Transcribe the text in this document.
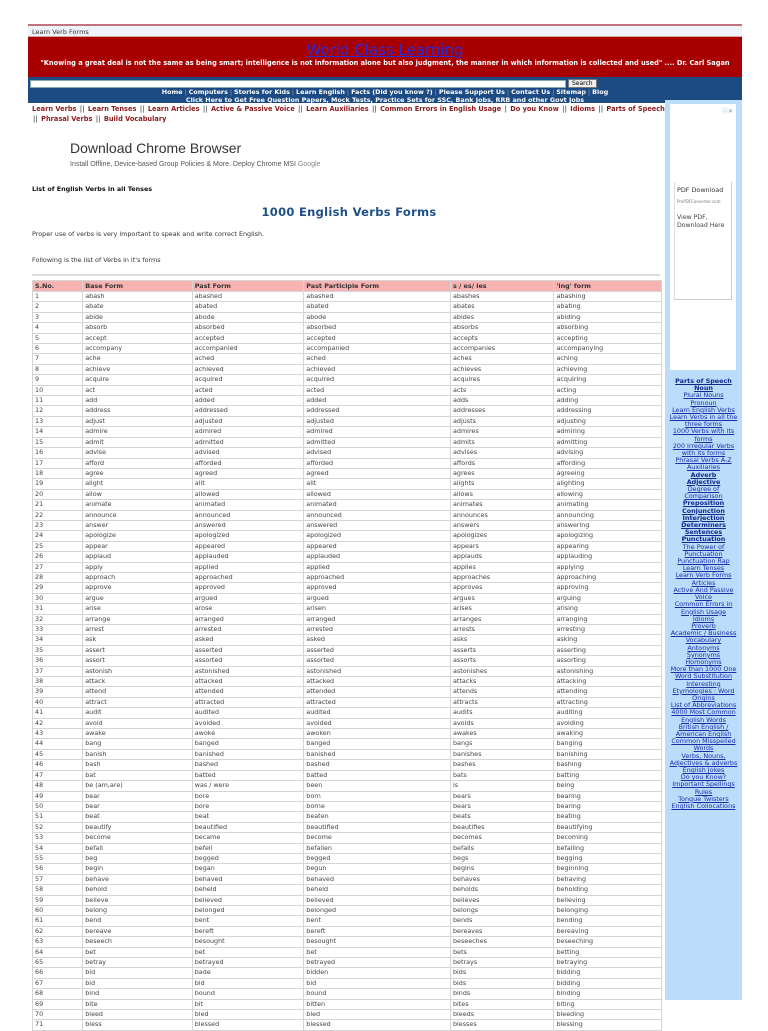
Learn Verb Forms
World Class Learning
"Knowing a great deal is not the same as being smart; intelligence is not information alone but also judgment, the manner in which information is collected and used" .... Dr. Carl Sagan
Search
Home | Computers | Stories for Kids | Learn English | Facts (Did you know ?) | Please Support Us | Contact Us | Sitemap | Blog
Click Here to Get Free Question Papers, Mock Tests, Practice Sets for SSC, Bank Jobs, RRB and other Govt Jobs
Learn Verbs || Learn Tenses || Learn Articles || Active & Passive Voice || Learn Auxiliaries || Common Errors in English Usage | Do you Know || Idioms || Parts of Speech || Phrasal Verbs || Build Vocabulary
Download Chrome Browser
Install Offline, Device-based Group Policies & More. Deploy Chrome MSI Google
List of English Verbs in all Tenses
1000 English Verbs Forms
Proper use of verbs is very important to speak and write correct English.
Following is the list of Verbs in it's forms
S.No.	Base Form	Past Form	Past Participle Form	s / es/ ies	'ing' form
1	abash	abashed	abashed	abashes	abashing
2	abate	abated	abated	abates	abating
3	abide	abode	abode	abides	abiding
4	absorb	absorbed	absorbed	absorbs	absorbing
5	accept	accepted	accepted	accepts	accepting
6	accompany	accompanied	accompanied	accompanies	accompanying
7	ache	ached	ached	aches	aching
8	achieve	achieved	achieved	achieves	achieving
9	acquire	acquired	acquired	acquires	acquiring
10	act	acted	acted	acts	acting
11	add	added	added	adds	adding
12	address	addressed	addressed	addresses	addressing
13	adjust	adjusted	adjusted	adjusts	adjusting
14	admire	admired	admired	admires	admiring
15	admit	admitted	admitted	admits	admitting
16	advise	advised	advised	advises	advising
17	afford	afforded	afforded	affords	affording
18	agree	agreed	agreed	agrees	agreeing
19	alight	alit	alit	alights	alighting
20	allow	allowed	allowed	allows	allowing
21	animate	animated	animated	animates	animating
22	announce	announced	announced	announces	announcing
23	answer	answered	answered	answers	answering
24	apologize	apologized	apologized	apologizes	apologizing
25	appear	appeared	appeared	appears	appearing
26	applaud	applauded	applauded	applauds	applauding
27	apply	applied	applied	applies	applying
28	approach	approached	approached	approaches	approaching
29	approve	approved	approved	approves	approving
30	argue	argued	argued	argues	arguing
31	arise	arose	arisen	arises	arising
32	arrange	arranged	arranged	arranges	arranging
33	arrest	arrested	arrested	arrests	arresting
34	ask	asked	asked	asks	asking
35	assert	asserted	asserted	asserts	asserting
36	assort	assorted	assorted	assorts	assorting
37	astonish	astonished	astonished	astonishes	astonishing
38	attack	attacked	attacked	attacks	attacking
39	attend	attended	attended	attends	attending
40	attract	attracted	attracted	attracts	attracting
41	audit	audited	audited	audits	auditing
42	avoid	avoided	avoided	avoids	avoiding
43	awake	awoke	awoken	awakes	awaking
44	bang	banged	banged	bangs	banging
45	banish	banished	banished	banishes	banishing
46	bash	bashed	bashed	bashes	bashing
47	bat	batted	batted	bats	batting
48	be (am,are)	was / were	been	is	being
49	bear	bore	born	bears	bearing
50	bear	bore	borne	bears	bearing
51	beat	beat	beaten	beats	beating
52	beautify	beautified	beautified	beautifies	beautifying
53	become	became	become	becomes	becoming
54	befall	befell	befallen	befalls	befalling
55	beg	begged	begged	begs	begging
56	begin	began	begun	begins	beginning
57	behave	behaved	behaved	behaves	behaving
58	behold	beheld	beheld	beholds	beholding
59	believe	believed	believed	believes	believing
60	belong	belonged	belonged	belongs	belonging
61	bend	bent	bent	bends	bending
62	bereave	bereft	bereft	bereaves	bereaving
63	beseech	besought	besought	beseeches	beseeching
64	bet	bet	bet	bets	betting
65	betray	betrayed	betrayed	betrays	betraying
66	bid	bade	bidden	bids	bidding
67	bid	bid	bid	bids	bidding
68	bind	bound	bound	binds	binding
69	bite	bit	bitten	bites	biting
70	bleed	bled	bled	bleeds	bleeding
71	bless	blessed	blessed	blesses	blessing
ⓘ✕
PDF Download
ProPDFConverter.com
View PDF, Download Here
Parts of Speech
Noun
Plural Nouns
Pronoun
Learn English Verbs
Learn Verbs in all the three forms
1000 Verbs with its forms
200 Irregular Verbs with its forms
Phrasal Verbs A-Z
Auxiliaries
Adverb
Adjective
Degree of Comparison
Preposition
Conjunction
Interjection
Determiners
Sentences
Punctuation
The Power of Punctuation
Punctuation Rap
Learn Tenses
Learn Verb Forms
Articles
Active And Passive Voice
Common Errors in English Usage
Idioms
Proverb
Academic / Business Vocabulary
Antonyms
Synonyms
Homonyms
More than 1000 One Word Substitution
Interesting Etymologies : Word Origins
List of Abbreviations
4000 Most Common English Words
British English / American English
Common Misspelled Words
Verbs, Nouns, Adjectives & adverbs
English Jokes
Do you Know?
Important Spellings Rules
Tongue Twisters
English Collocations
